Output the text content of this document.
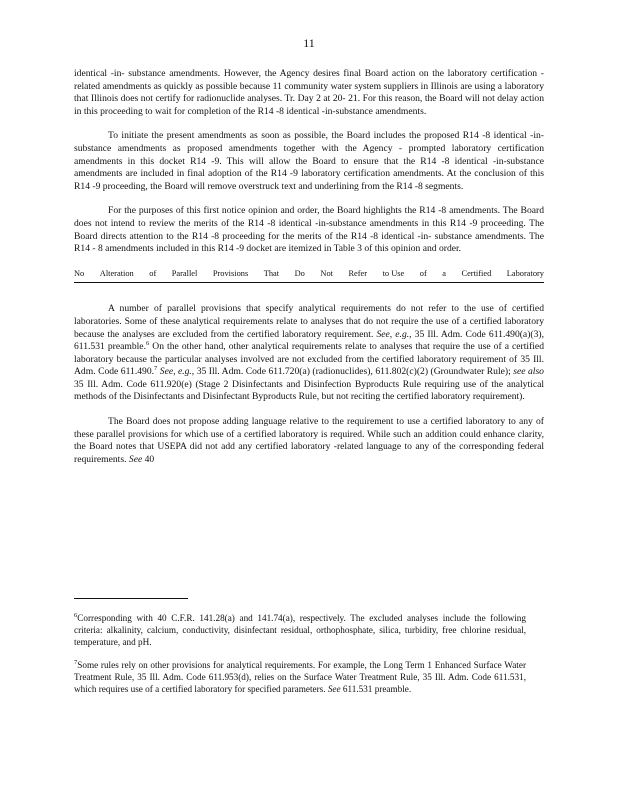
11

identical -in- substance amendments. However, the Agency desires final Board action on the laboratory certification -related amendments as quickly as possible because 11 community water system suppliers in Illinois are using a laboratory that Illinois does not certify for radionuclide analyses. Tr. Day 2 at 20- 21. For this reason, the Board will not delay action in this proceeding to wait for completion of the R14 -8 identical -in-substance amendments.

To initiate the present amendments as soon as possible, the Board includes the proposed R14 -8 identical -in-substance amendments as proposed amendments together with the Agency - prompted laboratory certification amendments in this docket R14 -9. This will allow the Board to ensure that the R14 -8 identical -in-substance amendments are included in final adoption of the R14 -9 laboratory certification amendments. At the conclusion of this R14 -9 proceeding, the Board will remove overstruck text and underlining from the R14 -8 segments.

For the purposes of this first notice opinion and order, the Board highlights the R14 -8 amendments. The Board does not intend to review the merits of the R14 -8 identical -in-substance amendments in this R14 -9 proceeding. The Board directs attention to the R14 -8 proceeding for the merits of the R14 -8 identical -in- substance amendments. The R14 - 8 amendments included in this R14 -9 docket are itemized in Table 3 of this opinion and order.

No Alteration of Parallel Provisions That Do Not Refer to Use of a Certified Laboratory

A number of parallel provisions that specify analytical requirements do not refer to the use of certified laboratories. Some of these analytical requirements relate to analyses that do not require the use of a certified laboratory because the analyses are excluded from the certified laboratory requirement. See, e.g., 35 Ill. Adm. Code 611.490(a)(3), 611.531 preamble.$^6$ On the other hand, other analytical requirements relate to analyses that require the use of a certified laboratory because the particular analyses involved are not excluded from the certified laboratory requirement of 35 Ill. Adm. Code 611.490.$^7$ See, e.g., 35 Ill. Adm. Code 611.720(a) (radionuclides), 611.802(c)(2) (Groundwater Rule); see also 35 Ill. Adm. Code 611.920(e) (Stage 2 Disinfectants and Disinfection Byproducts Rule requiring use of the analytical methods of the Disinfectants and Disinfectant Byproducts Rule, but not reciting the certified laboratory requirement).

The Board does not propose adding language relative to the requirement to use a certified laboratory to any of these parallel provisions for which use of a certified laboratory is required. While such an addition could enhance clarity, the Board notes that USEPA did not add any certified laboratory -related language to any of the corresponding federal requirements. See 40

$^6$Corresponding with 40 C.F.R. 141.28(a) and 141.74(a), respectively. The excluded analyses include the following criteria: alkalinity, calcium, conductivity, disinfectant residual, orthophosphate, silica, turbidity, free chlorine residual, temperature, and pH.

$^7$Some rules rely on other provisions for analytical requirements. For example, the Long Term 1 Enhanced Surface Water Treatment Rule, 35 Ill. Adm. Code 611.953(d), relies on the Surface Water Treatment Rule, 35 Ill. Adm. Code 611.531, which requires use of a certified laboratory for specified parameters. See 611.531 preamble.
